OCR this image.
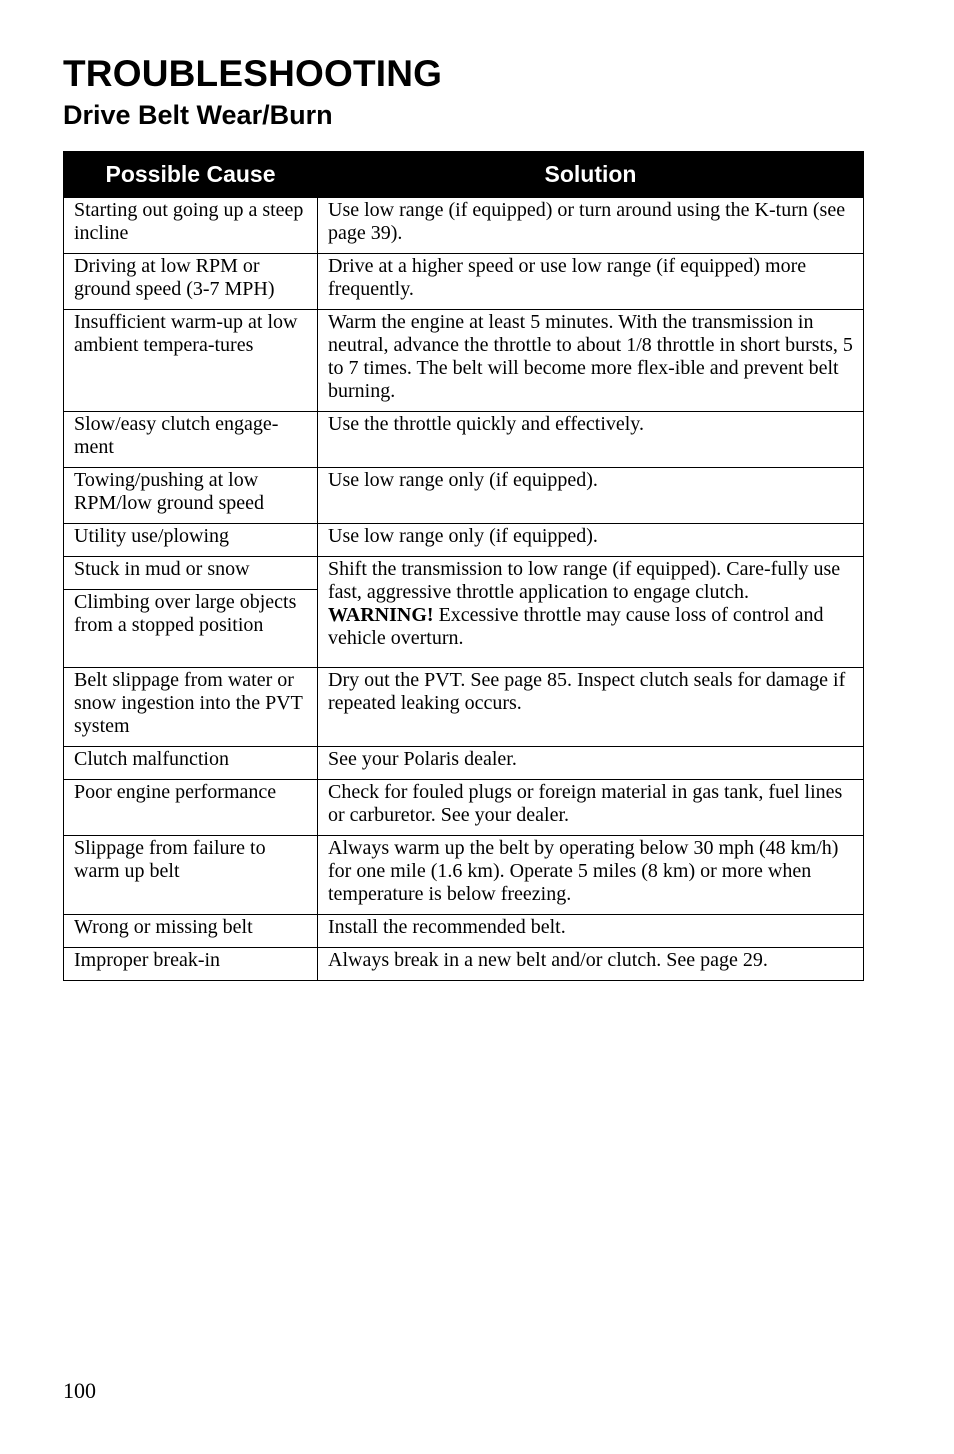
TROUBLESHOOTING
Drive Belt Wear/Burn
Possible Cause	Solution
Starting out going up a steep incline	Use low range (if equipped) or turn around using the K-turn (see page 39).
Driving at low RPM or ground speed (3-7 MPH)	Drive at a higher speed or use low range (if equipped) more frequently.
Insufficient warm-up at low ambient tempera-tures	Warm the engine at least 5 minutes. With the transmission in neutral, advance the throttle to about 1/8 throttle in short bursts, 5 to 7 times. The belt will become more flex-ible and prevent belt burning.
Slow/easy clutch engage-ment	Use the throttle quickly and effectively.
Towing/pushing at low RPM/low ground speed	Use low range only (if equipped).
Utility use/plowing	Use low range only (if equipped).
Stuck in mud or snow	Shift the transmission to low range (if equipped). Care-fully use fast, aggressive throttle application to engage clutch. WARNING! Excessive throttle may cause loss of control and vehicle overturn.
Climbing over large objects from a stopped position	
Belt slippage from water or snow ingestion into the PVT system	Dry out the PVT. See page 85. Inspect clutch seals for damage if repeated leaking occurs.
Clutch malfunction	See your Polaris dealer.
Poor engine performance	Check for fouled plugs or foreign material in gas tank, fuel lines or carburetor. See your dealer.
Slippage from failure to warm up belt	Always warm up the belt by operating below 30 mph (48 km/h) for one mile (1.6 km). Operate 5 miles (8 km) or more when temperature is below freezing.
Wrong or missing belt	Install the recommended belt.
Improper break-in	Always break in a new belt and/or clutch. See page 29.
100
